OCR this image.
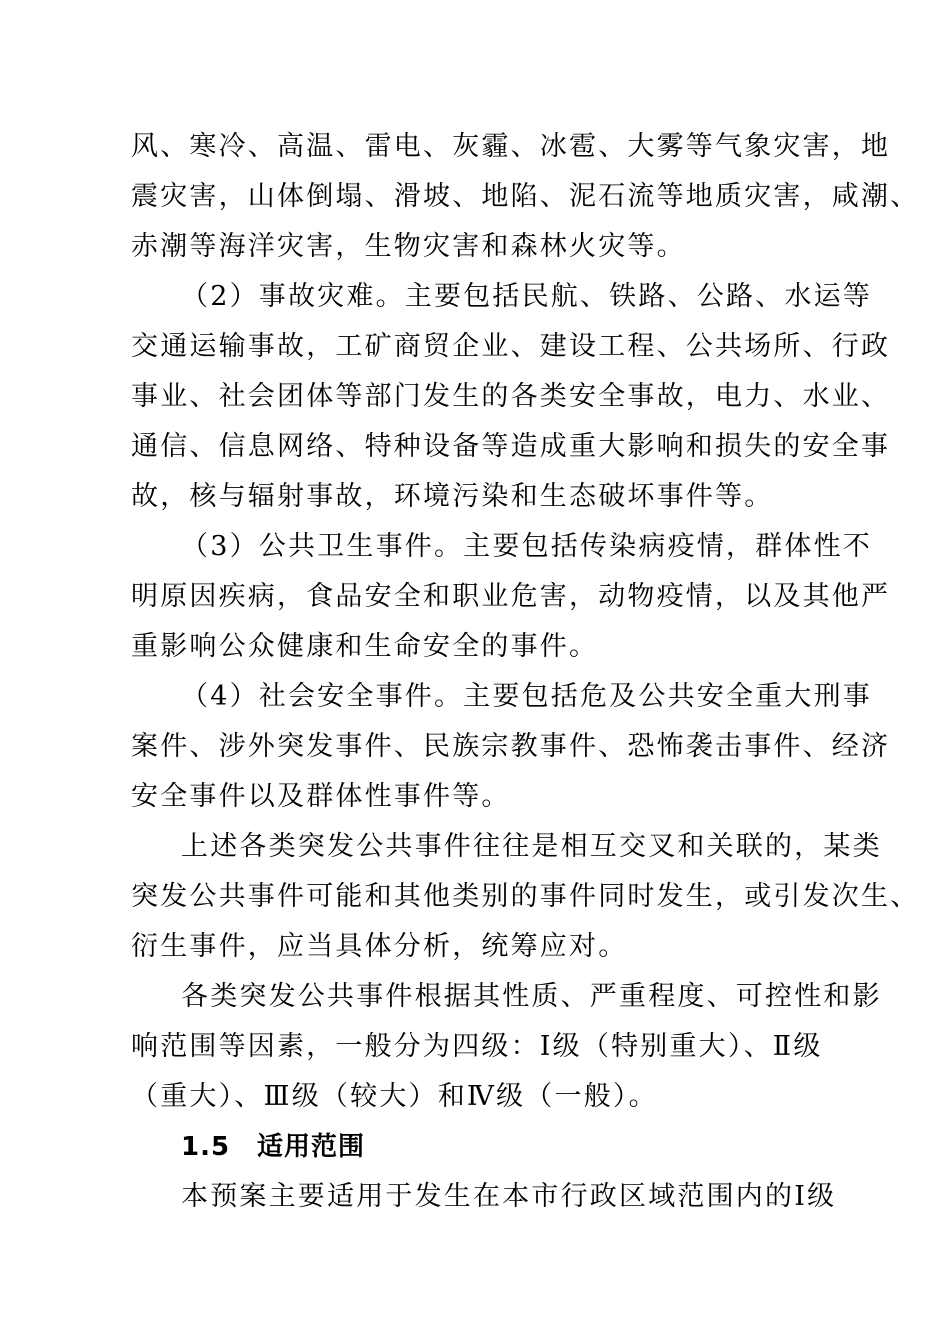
风、寒冷、高温、雷电、灰霾、冰雹、大雾等气象灾害，地
震灾害，山体倒塌、滑坡、地陷、泥石流等地质灾害，咸潮、
赤潮等海洋灾害，生物灾害和森林火灾等。
（2）事故灾难。主要包括民航、铁路、公路、水运等
交通运输事故，工矿商贸企业、建设工程、公共场所、行政
事业、社会团体等部门发生的各类安全事故，电力、水业、
通信、信息网络、特种设备等造成重大影响和损失的安全事
故，核与辐射事故，环境污染和生态破坏事件等。
（3）公共卫生事件。主要包括传染病疫情，群体性不
明原因疾病，食品安全和职业危害，动物疫情，以及其他严
重影响公众健康和生命安全的事件。
（4）社会安全事件。主要包括危及公共安全重大刑事
案件、涉外突发事件、民族宗教事件、恐怖袭击事件、经济
安全事件以及群体性事件等。
上述各类突发公共事件往往是相互交叉和关联的，某类
突发公共事件可能和其他类别的事件同时发生，或引发次生、
衍生事件，应当具体分析，统筹应对。
各类突发公共事件根据其性质、严重程度、可控性和影
响范围等因素，一般分为四级：Ⅰ级（特别重大）、Ⅱ级
（重大）、Ⅲ级（较大）和Ⅳ级（一般）。
1.5　适用范围
本预案主要适用于发生在本市行政区域范围内的Ⅰ级
